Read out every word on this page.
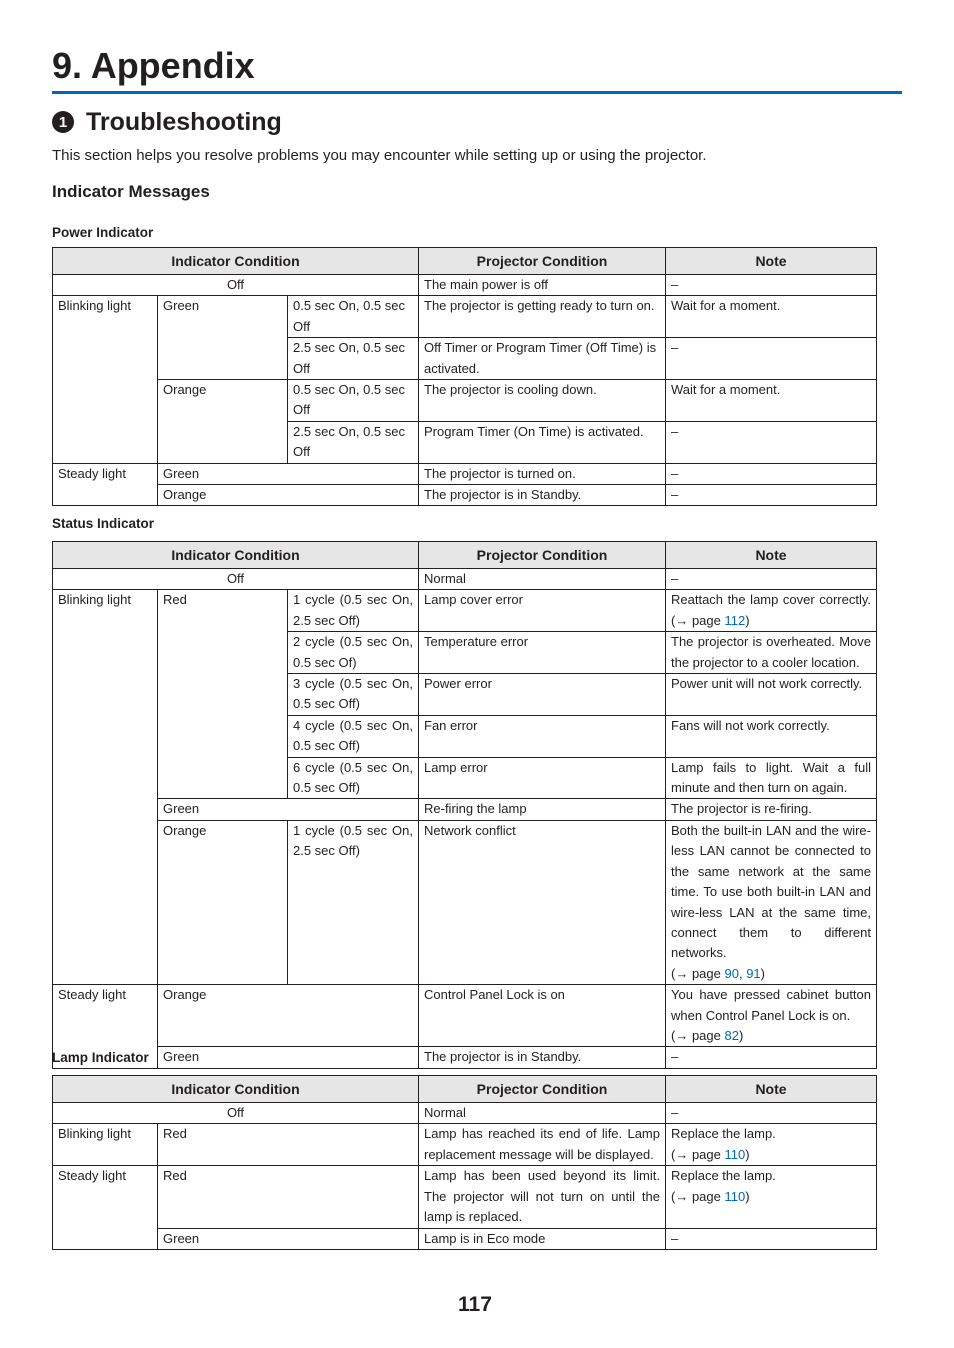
9. Appendix
1 Troubleshooting
This section helps you resolve problems you may encounter while setting up or using the projector.
Indicator Messages
Power Indicator
Indicator Condition			Projector Condition	Note
Off			The main power is off	–
Blinking light	Green	0.5 sec On, 0.5 sec Off	The projector is getting ready to turn on.	Wait for a moment.
		2.5 sec On, 0.5 sec Off	Off Timer or Program Timer (Off Time) is activated.	–
	Orange	0.5 sec On, 0.5 sec Off	The projector is cooling down.	Wait for a moment.
		2.5 sec On, 0.5 sec Off	Program Timer (On Time) is activated.	–
Steady light	Green		The projector is turned on.	–
	Orange		The projector is in Standby.	–
Status Indicator
Indicator Condition			Projector Condition	Note
Off			Normal	–
Blinking light	Red	1 cycle (0.5 sec On, 2.5 sec Off)	Lamp cover error	Reattach the lamp cover correctly. (→ page 112)
		2 cycle (0.5 sec On, 0.5 sec Of)	Temperature error	The projector is overheated. Move the projector to a cooler location.
		3 cycle (0.5 sec On, 0.5 sec Off)	Power error	Power unit will not work correctly.
		4 cycle (0.5 sec On, 0.5 sec Off)	Fan error	Fans will not work correctly.
		6 cycle (0.5 sec On, 0.5 sec Off)	Lamp error	Lamp fails to light. Wait a full minute and then turn on again.
	Green		Re-firing the lamp	The projector is re-firing.
	Orange	1 cycle (0.5 sec On, 2.5 sec Off)	Network conflict	Both the built-in LAN and the wire-less LAN cannot be connected to the same network at the same time. To use both built-in LAN and wire-less LAN at the same time, connect them to different networks.
(→ page 90, 91)
Steady light	Orange		Control Panel Lock is on	You have pressed cabinet button when Control Panel Lock is on.
(→ page 82)
	Green		The projector is in Standby.	–
Lamp Indicator
Indicator Condition		Projector Condition	Note
Off		Normal	–
Blinking light	Red	Lamp has reached its end of life. Lamp replacement message will be displayed.	Replace the lamp.
(→ page 110)
Steady light	Red	Lamp has been used beyond its limit. The projector will not turn on until the lamp is replaced.	Replace the lamp.
(→ page 110)
	Green	Lamp is in Eco mode	–
117
